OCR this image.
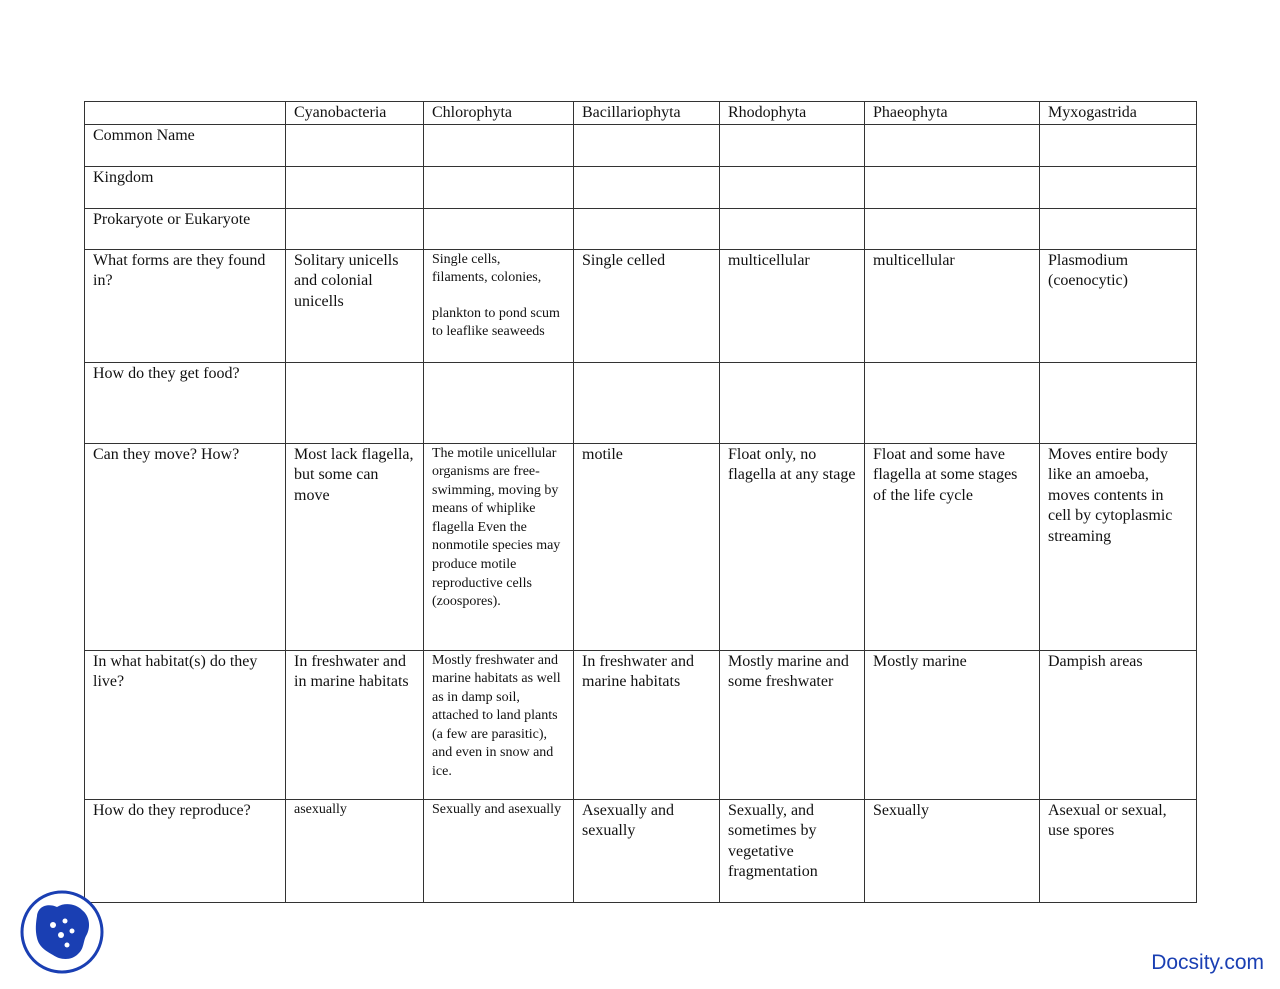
	Cyanobacteria	Chlorophyta	Bacillariophyta	Rhodophyta	Phaeophyta	Myxogastrida
Common Name						
Kingdom						
Prokaryote or Eukaryote						
What forms are they found in?	Solitary unicells and colonial unicells	Single cells,
filaments, colonies,

plankton to pond scum to leaflike seaweeds	Single celled	multicellular	multicellular	Plasmodium (coenocytic)
How do they get food?						
Can they move? How?	Most lack flagella, but some can move	The motile unicellular organisms are free-swimming, moving by means of whiplike flagella Even the nonmotile species may produce motile reproductive cells (zoospores).	motile	Float only, no flagella at any stage	Float and some have flagella at some stages of the life cycle	Moves entire body like an amoeba, moves contents in cell by cytoplasmic streaming
In what habitat(s) do they live?	In freshwater and in marine habitats	Mostly freshwater and marine habitats as well as in damp soil, attached to land plants (a few are parasitic), and even in snow and ice.	In freshwater and marine habitats	Mostly marine and some freshwater	Mostly marine	Dampish areas
How do they reproduce?	asexually	Sexually and asexually	Asexually and sexually	Sexually, and sometimes by vegetative fragmentation	Sexually	Asexual or sexual, use spores
Docsity.com
